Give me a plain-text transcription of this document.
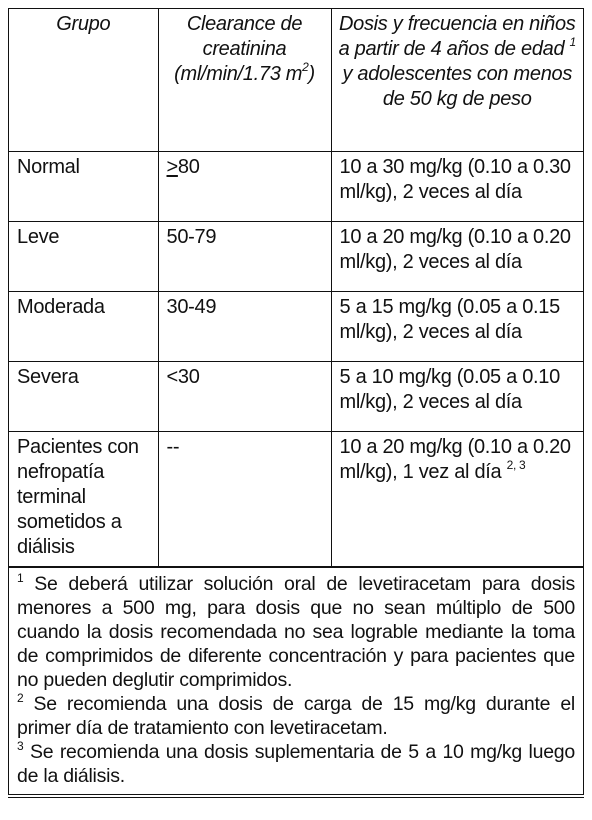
Grupo	Clearance de creatinina (ml/min/1.73 $m^2$)	Dosis y frecuencia en niños a partir de 4 años de edad $^1$ y adolescentes con menos de 50 kg de peso
Normal	>80	10 a 30 mg/kg (0.10 a 0.30 ml/kg), 2 veces al día
Leve	50-79	10 a 20 mg/kg (0.10 a 0.20 ml/kg), 2 veces al día
Moderada	30-49	5 a 15 mg/kg (0.05 a 0.15 ml/kg), 2 veces al día
Severa	<30	5 a 10 mg/kg (0.05 a 0.10 ml/kg), 2 veces al día
Pacientes con nefropatía terminal sometidos a diálisis	--	10 a 20 mg/kg (0.10 a 0.20 ml/kg), 1 vez al día $^{2, 3}$

$^1$ Se deberá utilizar solución oral de levetiracetam para dosis menores a 500 mg, para dosis que no sean múltiplo de 500 cuando la dosis recomendada no sea lograble mediante la toma de comprimidos de diferente concentración y para pacientes que no pueden deglutir comprimidos.

$^2$ Se recomienda una dosis de carga de 15 mg/kg durante el primer día de tratamiento con levetiracetam.

$^3$ Se recomienda una dosis suplementaria de 5 a 10 mg/kg luego de la diálisis.
